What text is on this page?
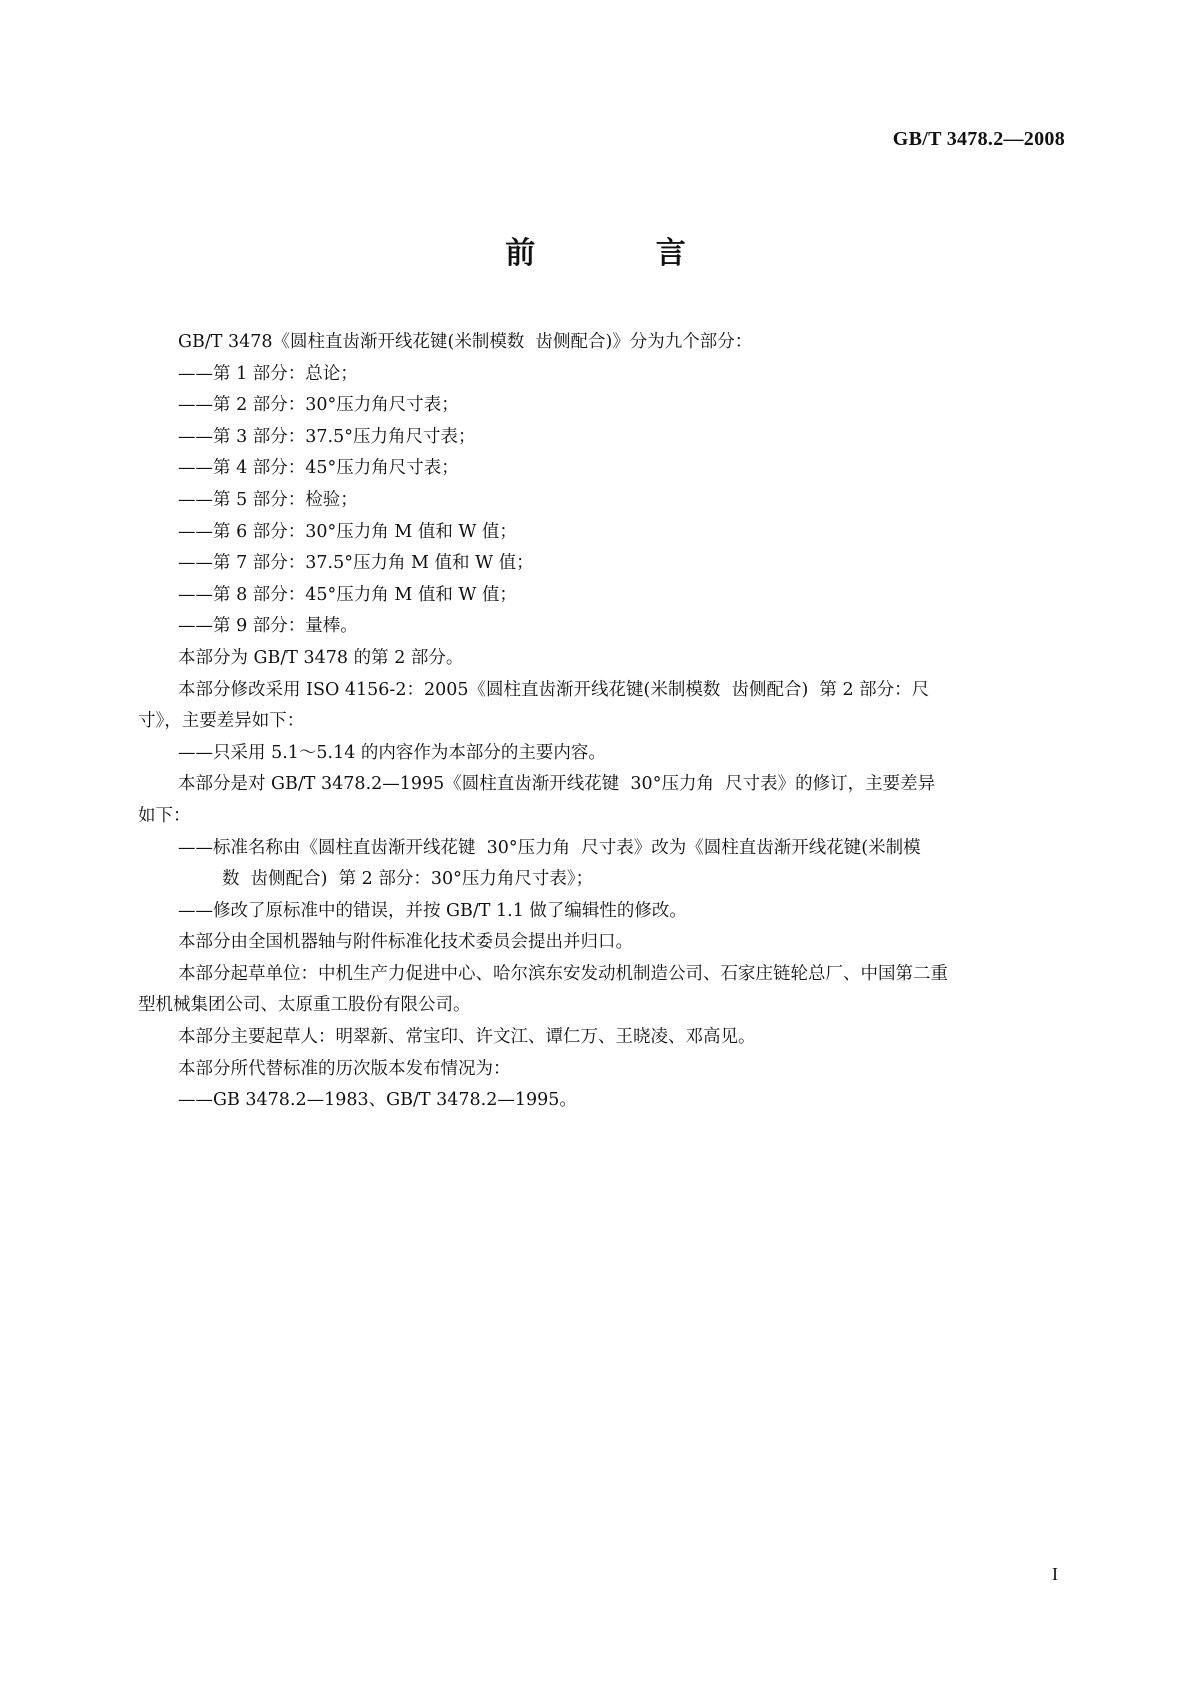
GB/T 3478.2—2008
前 言
GB/T 3478《圆柱直齿渐开线花键(米制模数  齿侧配合)》分为九个部分：
——第 1 部分：总论；
——第 2 部分：30°压力角尺寸表；
——第 3 部分：37.5°压力角尺寸表；
——第 4 部分：45°压力角尺寸表；
——第 5 部分：检验；
——第 6 部分：30°压力角 M 值和 W 值；
——第 7 部分：37.5°压力角 M 值和 W 值；
——第 8 部分：45°压力角 M 值和 W 值；
——第 9 部分：量棒。
本部分为 GB/T 3478 的第 2 部分。
本部分修改采用 ISO 4156-2：2005《圆柱直齿渐开线花键(米制模数  齿侧配合)  第 2 部分：尺
寸》，主要差异如下：
——只采用 5.1～5.14 的内容作为本部分的主要内容。
本部分是对 GB/T 3478.2—1995《圆柱直齿渐开线花键  30°压力角  尺寸表》的修订，主要差异
如下：
——标准名称由《圆柱直齿渐开线花键  30°压力角  尺寸表》改为《圆柱直齿渐开线花键(米制模
数  齿侧配合)  第 2 部分：30°压力角尺寸表》；
——修改了原标准中的错误，并按 GB/T 1.1 做了编辑性的修改。
本部分由全国机器轴与附件标准化技术委员会提出并归口。
本部分起草单位：中机生产力促进中心、哈尔滨东安发动机制造公司、石家庄链轮总厂、中国第二重
型机械集团公司、太原重工股份有限公司。
本部分主要起草人：明翠新、常宝印、许文江、谭仁万、王晓凌、邓高见。
本部分所代替标准的历次版本发布情况为：
——GB 3478.2—1983、GB/T 3478.2—1995。
I
